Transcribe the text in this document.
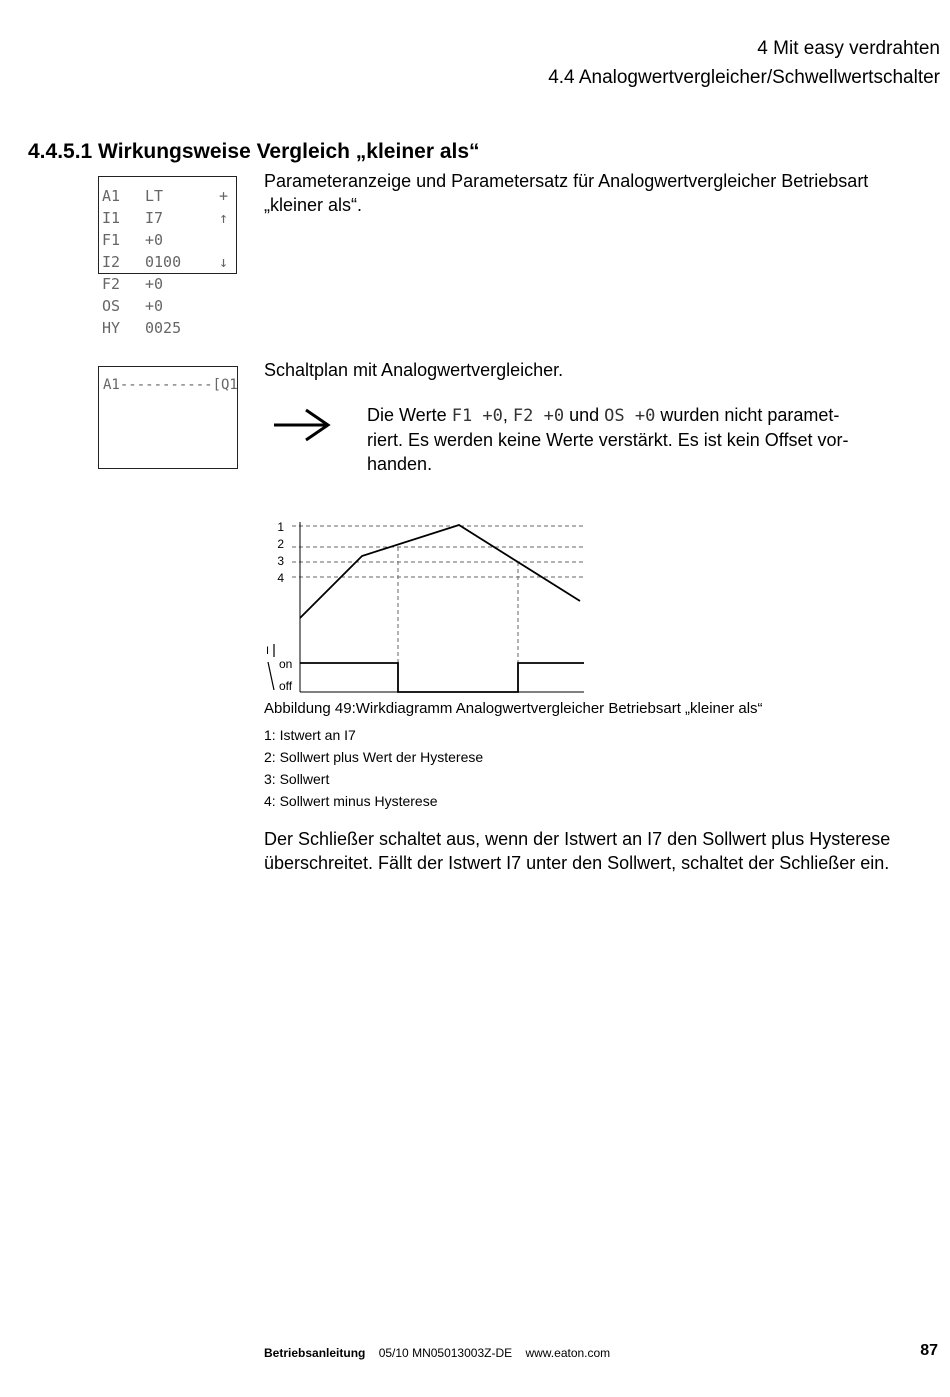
4 Mit easy verdrahten
4.4 Analogwertvergleicher/Schwellwertschalter
4.4.5.1 Wirkungsweise Vergleich „kleiner als“
A1 LT	+
I1 I7	↑
F1 +0
I2 0100	↓
F2 +0
OS +0
HY 0025
Parameteranzeige und Parametersatz für Analogwertvergleicher Betriebsart
„kleiner als“.
A1-----------[Q1
Schaltplan mit Analogwertvergleicher.
Die Werte F1 +0, F2 +0 und OS +0 wurden nicht paramet-
riert. Es werden keine Werte verstärkt. Es ist kein Offset vor-
handen.
1
2
3
4
I
on
off
Abbildung 49:Wirkdiagramm Analogwertvergleicher Betriebsart „kleiner als“
1: Istwert an I7
2: Sollwert plus Wert der Hysterese
3: Sollwert
4: Sollwert minus Hysterese
Der Schließer schaltet aus, wenn der Istwert an I7 den Sollwert plus Hysterese
überschreitet. Fällt der Istwert I7 unter den Sollwert, schaltet der Schließer ein.
Betriebsanleitung 05/10 MN05013003Z-DE www.eaton.com	87
